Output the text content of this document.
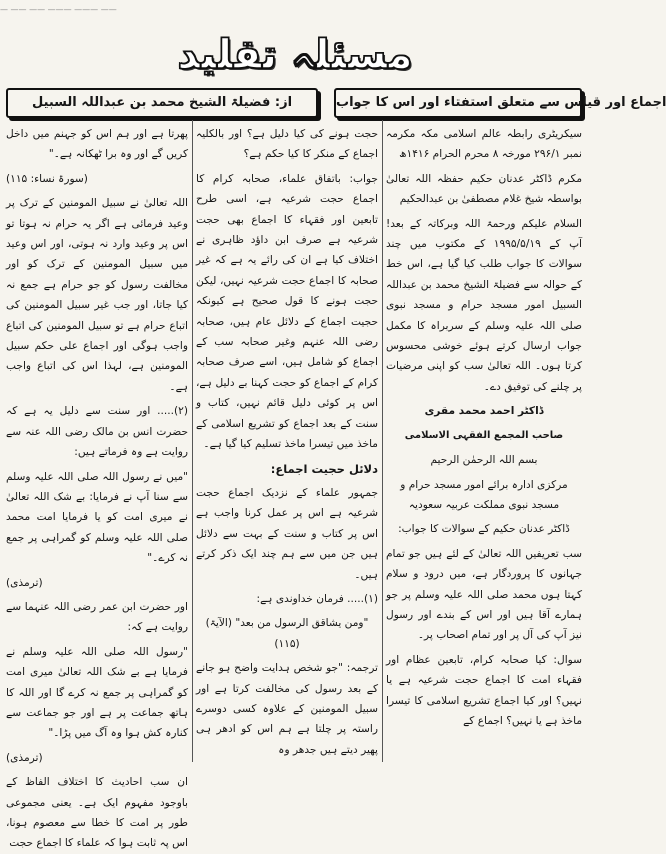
— —— —— ——— ——— ——
مسئلہ تقلید
اجماع اور قیاس سے متعلق استفتاء اور اس کا جواب
از: فضیلۃ الشیخ محمد بن عبداللہ السبیل

سیکریٹری رابطہ عالم اسلامی مکہ مکرمہ نمبر ۲۹۶/۱ مورخہ ۸ محرم الحرام ۱۴۱۶ھ

مکرم ڈاکٹر عدنان حکیم حفظہ اللہ تعالیٰ بواسطہ شیخ غلام مصطفیٰ بن عبدالحکیم

السلام علیکم ورحمۃ اللہ وبرکاتہ کے بعد! آپ کے ۱۹۹۵/۵/۱۹ کے مکتوب میں چند سوالات کا جواب طلب کیا گیا ہے، اس خط کے حوالہ سے فضیلۃ الشیخ محمد بن عبداللہ السبیل امور مسجد حرام و مسجد نبوی صلی اللہ علیہ وسلم کے سربراہ کا مکمل جواب ارسال کرتے ہوئے خوشی محسوس کرتا ہوں۔ اللہ تعالیٰ سب کو اپنی مرضیات پر چلنے کی توفیق دے۔

ڈاکٹر احمد محمد مقری

صاحب المجمع الفقہی الاسلامی

بسم اللہ الرحمٰن الرحیم

مرکزی ادارہ برائے امور مسجد حرام و مسجد نبوی مملکت عربیہ سعودیہ

ڈاکٹر عدنان حکیم کے سوالات کا جواب:

سب تعریفیں اللہ تعالیٰ کے لئے ہیں جو تمام جہانوں کا پروردگار ہے، میں درود و سلام کہتا ہوں محمد صلی اللہ علیہ وسلم پر جو ہمارے آقا ہیں اور اس کے بندے اور رسول نیز آپ کی آل پر اور تمام اصحاب پر۔

سوال: کیا صحابہ کرام، تابعین عظام اور فقہاء امت کا اجماع حجت شرعیہ ہے یا نہیں؟ اور کیا اجماع تشریع اسلامی کا تیسرا ماخذ ہے یا نہیں؟ اجماع کے

حجت ہونے کی کیا دلیل ہے؟ اور بالکلیہ اجماع کے منکر کا کیا حکم ہے؟

جواب: باتفاق علماء، صحابہ کرام کا اجماع حجت شرعیہ ہے، اسی طرح تابعین اور فقہاء کا اجماع بھی حجت شرعیہ ہے صرف ابن داؤد ظاہری نے اختلاف کیا ہے ان کی رائے یہ ہے کہ غیر صحابہ کا اجماع حجت شرعیہ نہیں، لیکن حجت ہونے کا قول صحیح ہے کیونکہ حجیت اجماع کے دلائل عام ہیں، صحابہ رضی اللہ عنہم وغیر صحابہ سب کے اجماع کو شامل ہیں، اسے صرف صحابہ کرام کے اجماع کو حجت کہنا بے دلیل ہے، اس پر کوئی دلیل قائم نہیں، کتاب و سنت کے بعد اجماع کو تشریع اسلامی کے ماخذ میں تیسرا ماخذ تسلیم کیا گیا ہے۔

دلائل حجیت اجماع:

جمہور علماء کے نزدیک اجماع حجت شرعیہ ہے اس پر عمل کرنا واجب ہے اس پر کتاب و سنت کے بہت سے دلائل ہیں جن میں سے ہم چند ایک ذکر کرتے ہیں۔

(۱)..... فرمان خداوندی ہے:

"ومن یشاقق الرسول من بعد" (الآیۃ) (۱۱۵)

ترجمہ: "جو شخص ہدایت واضح ہو جانے کے بعد رسول کی مخالفت کرتا ہے اور سبیل المومنین کے علاوہ کسی دوسرے راستہ پر چلتا ہے ہم اس کو ادھر ہی پھیر دیتے ہیں جدھر وہ

پھرتا ہے اور ہم اس کو جہنم میں داخل کریں گے اور وہ برا ٹھکانہ ہے۔"

(سورۃ نساء: ۱۱۵)

اللہ تعالیٰ نے سبیل المومنین کے ترک پر وعید فرمائی ہے اگر یہ حرام نہ ہوتا تو اس پر وعید وارد نہ ہوتی، اور اس وعید میں سبیل المومنین کے ترک کو اور مخالفت رسول کو جو حرام ہے جمع نہ کیا جاتا، اور جب غیر سبیل المومنین کی اتباع حرام ہے تو سبیل المومنین کی اتباع واجب ہوگی اور اجماع علی حکم سبیل المومنین ہے، لہذا اس کی اتباع واجب ہے۔

(۲)..... اور سنت سے دلیل یہ ہے کہ حضرت انس بن مالک رضی اللہ عنہ سے روایت ہے وہ فرماتے ہیں:

"میں نے رسول اللہ صلی اللہ علیہ وسلم سے سنا آپ نے فرمایا: بے شک اللہ تعالیٰ نے میری امت کو یا فرمایا امت محمد صلی اللہ علیہ وسلم کو گمراہی پر جمع نہ کرے۔"

(ترمذی)

اور حضرت ابن عمر رضی اللہ عنہما سے روایت ہے کہ:

"رسول اللہ صلی اللہ علیہ وسلم نے فرمایا ہے بے شک اللہ تعالیٰ میری امت کو گمراہی پر جمع نہ کرے گا اور اللہ کا ہاتھ جماعت پر ہے اور جو جماعت سے کنارہ کش ہوا وہ آگ میں پڑا۔"

(ترمذی)

ان سب احادیث کا اختلاف الفاظ کے باوجود مفہوم ایک ہے۔ یعنی مجموعی طور پر امت کا خطا سے معصوم ہونا، اس پہ ثابت ہوا کہ علماء کا اجماع حجت
